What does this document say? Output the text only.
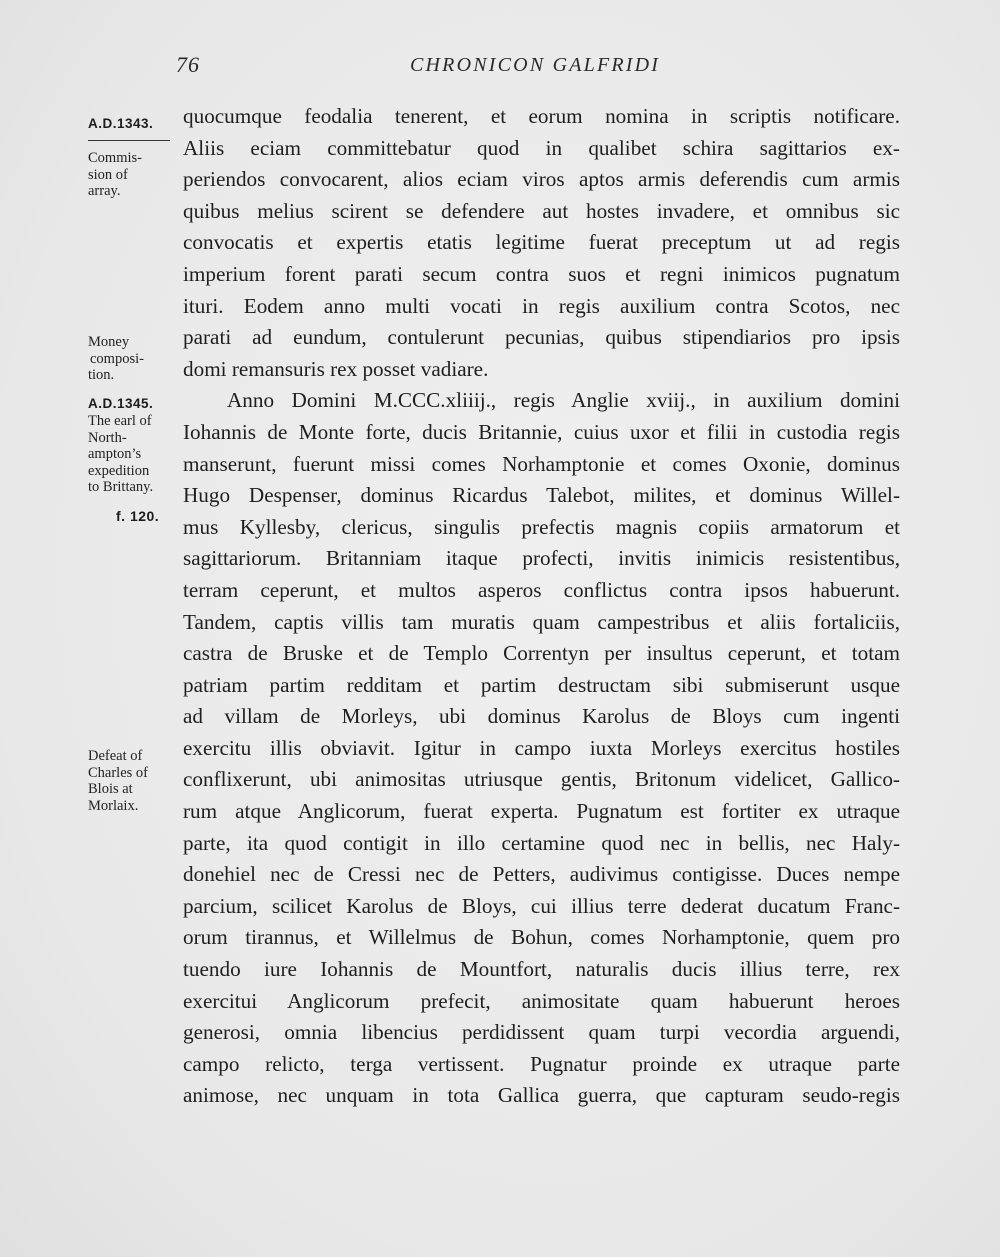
76	CHRONICON GALFRIDI
A.D.1343.
Commis-
sion of
array.
Money
composi-
tion.
A.D.1345.
The earl of
North-
ampton’s
expedition
to Brittany.
f. 120.
Defeat of
Charles of
Blois at
Morlaix.
quocumque feodalia tenerent, et eorum nomina in scriptis notificare.
Aliis eciam committebatur quod in qualibet schira sagittarios ex-
periendos convocarent, alios eciam viros aptos armis deferendis cum armis
quibus melius scirent se defendere aut hostes invadere, et omnibus sic
convocatis et expertis etatis legitime fuerat preceptum ut ad regis
imperium forent parati secum contra suos et regni inimicos pugnatum
ituri. Eodem anno multi vocati in regis auxilium contra Scotos, nec
parati ad eundum, contulerunt pecunias, quibus stipendiarios pro ipsis
domi remansuris rex posset vadiare.
Anno Domini M.CCC.xliiij., regis Anglie xviij., in auxilium domini
Iohannis de Monte forte, ducis Britannie, cuius uxor et filii in custodia regis
manserunt, fuerunt missi comes Norhamptonie et comes Oxonie, dominus
Hugo Despenser, dominus Ricardus Talebot, milites, et dominus Willel-
mus Kyllesby, clericus, singulis prefectis magnis copiis armatorum et
sagittariorum. Britanniam itaque profecti, invitis inimicis resistentibus,
terram ceperunt, et multos asperos conflictus contra ipsos habuerunt.
Tandem, captis villis tam muratis quam campestribus et aliis fortaliciis,
castra de Bruske et de Templo Correntyn per insultus ceperunt, et totam
patriam partim redditam et partim destructam sibi submiserunt usque
ad villam de Morleys, ubi dominus Karolus de Bloys cum ingenti
exercitu illis obviavit. Igitur in campo iuxta Morleys exercitus hostiles
conflixerunt, ubi animositas utriusque gentis, Britonum videlicet, Gallico-
rum atque Anglicorum, fuerat experta. Pugnatum est fortiter ex utraque
parte, ita quod contigit in illo certamine quod nec in bellis, nec Haly-
donehiel nec de Cressi nec de Petters, audivimus contigisse. Duces nempe
parcium, scilicet Karolus de Bloys, cui illius terre dederat ducatum Franc-
orum tirannus, et Willelmus de Bohun, comes Norhamptonie, quem pro
tuendo iure Iohannis de Mountfort, naturalis ducis illius terre, rex
exercitui Anglicorum prefecit, animositate quam habuerunt heroes
generosi, omnia libencius perdidissent quam turpi vecordia arguendi,
campo relicto, terga vertissent. Pugnatur proinde ex utraque parte
animose, nec unquam in tota Gallica guerra, que capturam seudo-regis
